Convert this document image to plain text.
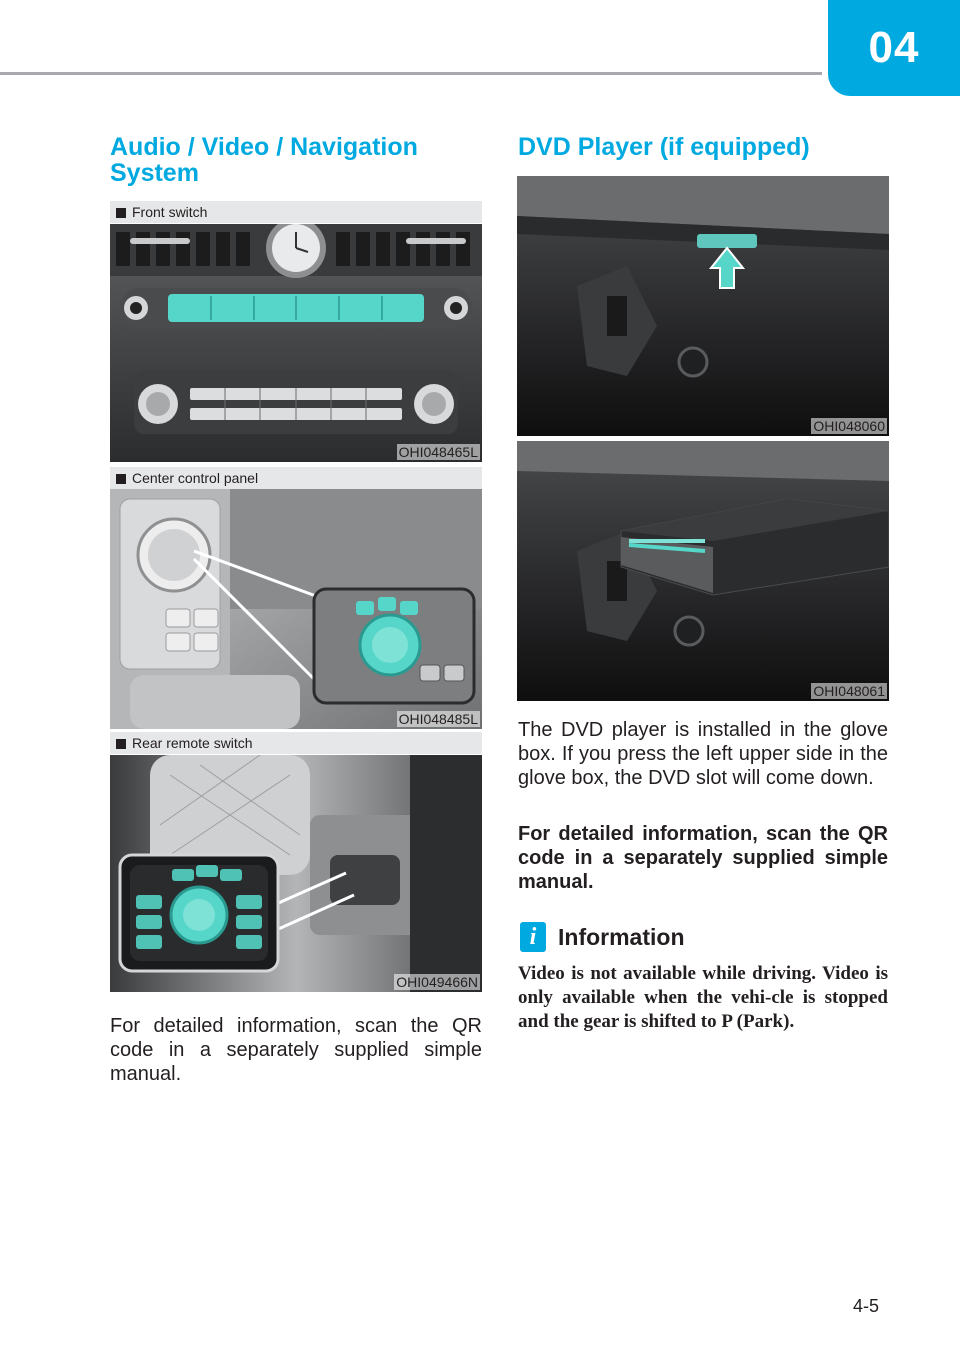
04
Audio / Video / Navigation System
Front switch
OHI048465L
Center control panel
OHI048485L
Rear remote switch
OHI049466N

For detailed information, scan the QR code in a separately supplied simple manual.

DVD Player (if equipped)
OHI048060
OHI048061

The DVD player is installed in the glove box. If you press the left upper side in the glove box, the DVD slot will come down.

For detailed information, scan the QR code in a separately supplied simple manual.

i Information

Video is not available while driving. Video is only available when the vehi-cle is stopped and the gear is shifted to P (Park).

4-5
